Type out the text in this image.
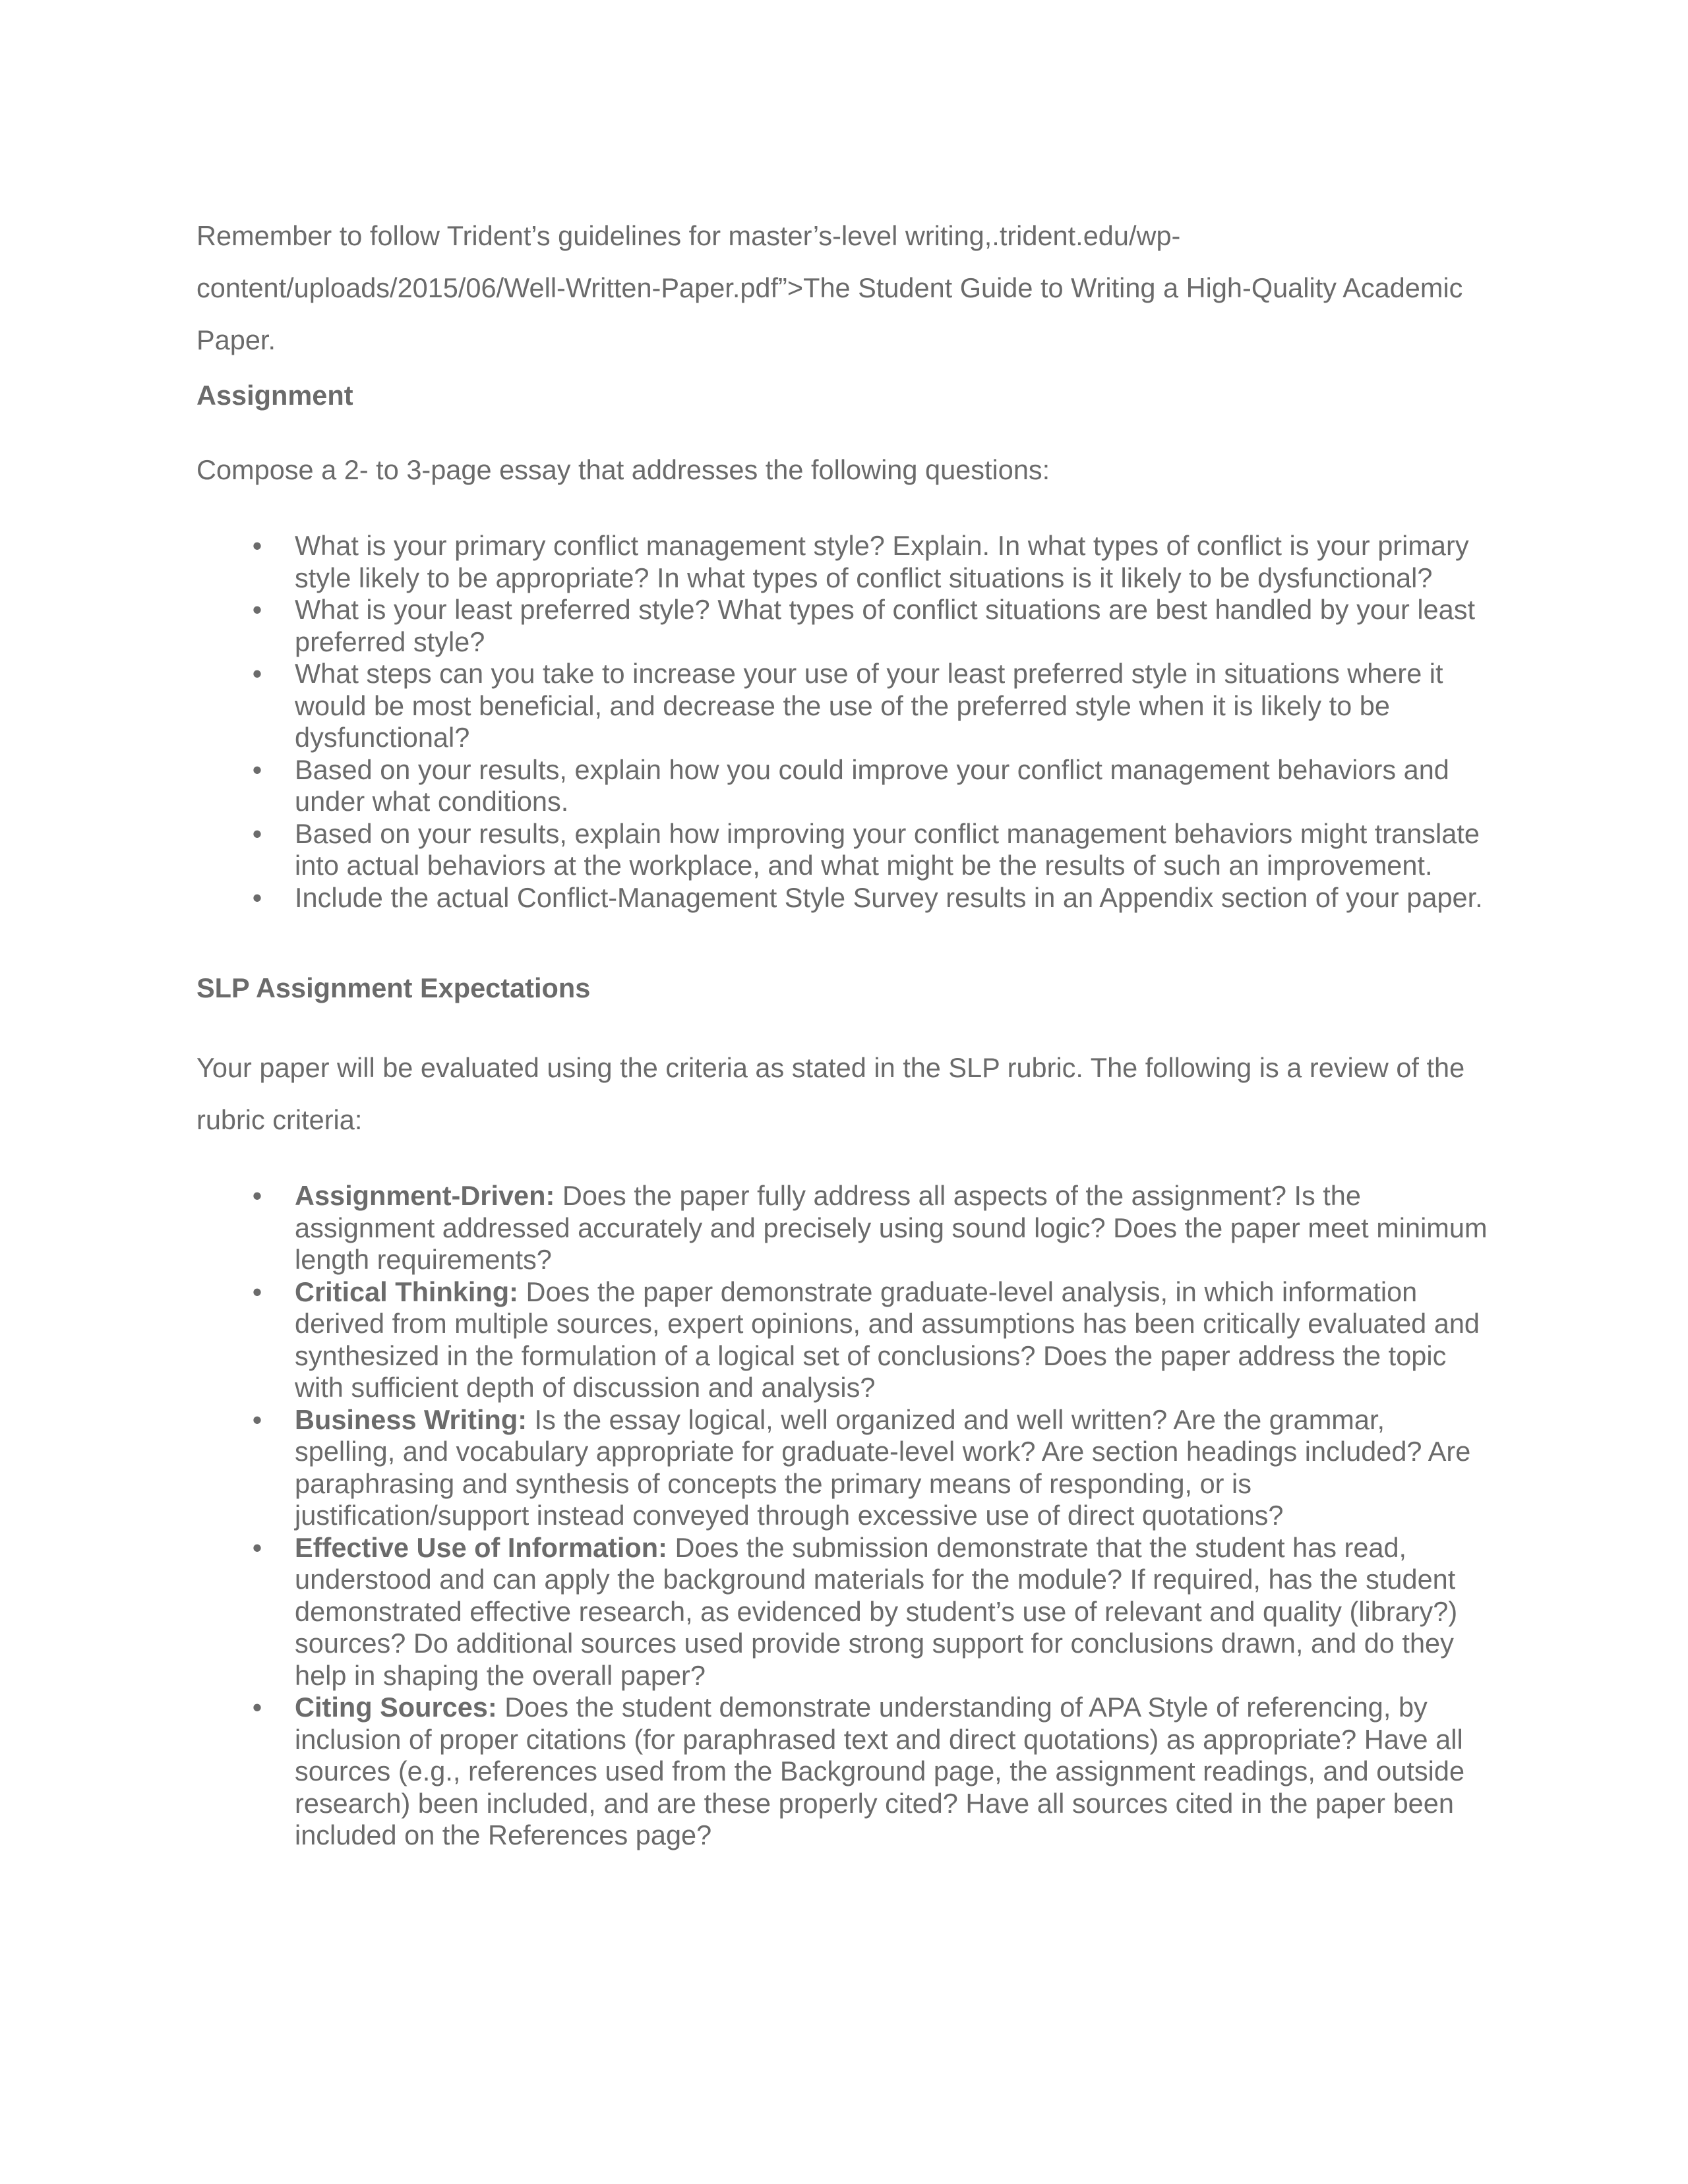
Remember to follow Trident’s guidelines for master’s-level writing,.trident.edu/wp-
content/uploads/2015/06/Well-Written-Paper.pdf”>The Student Guide to Writing a High-Quality Academic
Paper.

Assignment

Compose a 2- to 3-page essay that addresses the following questions:

• What is your primary conflict management style? Explain. In what types of conflict is your primary style likely to be appropriate? In what types of conflict situations is it likely to be dysfunctional?
• What is your least preferred style? What types of conflict situations are best handled by your least preferred style?
• What steps can you take to increase your use of your least preferred style in situations where it would be most beneficial, and decrease the use of the preferred style when it is likely to be dysfunctional?
• Based on your results, explain how you could improve your conflict management behaviors and under what conditions.
• Based on your results, explain how improving your conflict management behaviors might translate into actual behaviors at the workplace, and what might be the results of such an improvement.
• Include the actual Conflict-Management Style Survey results in an Appendix section of your paper.
SLP Assignment Expectations

Your paper will be evaluated using the criteria as stated in the SLP rubric. The following is a review of the rubric criteria:

• Assignment-Driven: Does the paper fully address all aspects of the assignment? Is the assignment addressed accurately and precisely using sound logic? Does the paper meet minimum length requirements?
• Critical Thinking: Does the paper demonstrate graduate-level analysis, in which information derived from multiple sources, expert opinions, and assumptions has been critically evaluated and synthesized in the formulation of a logical set of conclusions? Does the paper address the topic with sufficient depth of discussion and analysis?
• Business Writing: Is the essay logical, well organized and well written? Are the grammar, spelling, and vocabulary appropriate for graduate-level work? Are section headings included? Are paraphrasing and synthesis of concepts the primary means of responding, or is justification/support instead conveyed through excessive use of direct quotations?
• Effective Use of Information: Does the submission demonstrate that the student has read, understood and can apply the background materials for the module? If required, has the student demonstrated effective research, as evidenced by student’s use of relevant and quality (library?) sources? Do additional sources used provide strong support for conclusions drawn, and do they help in shaping the overall paper?
• Citing Sources: Does the student demonstrate understanding of APA Style of referencing, by inclusion of proper citations (for paraphrased text and direct quotations) as appropriate? Have all sources (e.g., references used from the Background page, the assignment readings, and outside research) been included, and are these properly cited? Have all sources cited in the paper been included on the References page?
